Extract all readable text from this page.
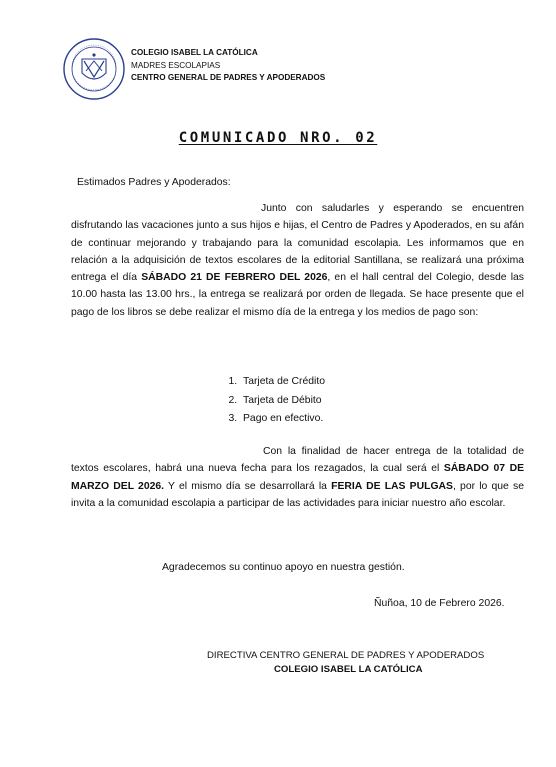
COLEGIO ISABEL LA CATÓLICA
MADRES ESCOLAPIAS
CENTRO GENERAL DE PADRES Y APODERADOS
COMUNICADO NRO. 02
Estimados Padres y Apoderados:
Junto con saludarles y esperando se encuentren disfrutando las vacaciones junto a sus hijos e hijas, el Centro de Padres y Apoderados, en su afán de continuar mejorando y trabajando para la comunidad escolapia. Les informamos que en relación a la adquisición de textos escolares de la editorial Santillana, se realizará una próxima entrega el día SÁBADO 21 DE FEBRERO DEL 2026, en el hall central del Colegio, desde las 10.00 hasta las 13.00 hrs., la entrega se realizará por orden de llegada. Se hace presente que el pago de los libros se debe realizar el mismo día de la entrega y los medios de pago son:
1. Tarjeta de Crédito
2. Tarjeta de Débito
3. Pago en efectivo.
Con la finalidad de hacer entrega de la totalidad de textos escolares, habrá una nueva fecha para los rezagados, la cual será el SÁBADO 07 DE MARZO DEL 2026. Y el mismo día se desarrollará la FERIA DE LAS PULGAS, por lo que se invita a la comunidad escolapia a participar de las actividades para iniciar nuestro año escolar.
Agradecemos su continuo apoyo en nuestra gestión.
Ñuñoa, 10 de Febrero 2026.
DIRECTIVA CENTRO GENERAL DE PADRES Y APODERADOS
COLEGIO ISABEL LA CATÓLICA
